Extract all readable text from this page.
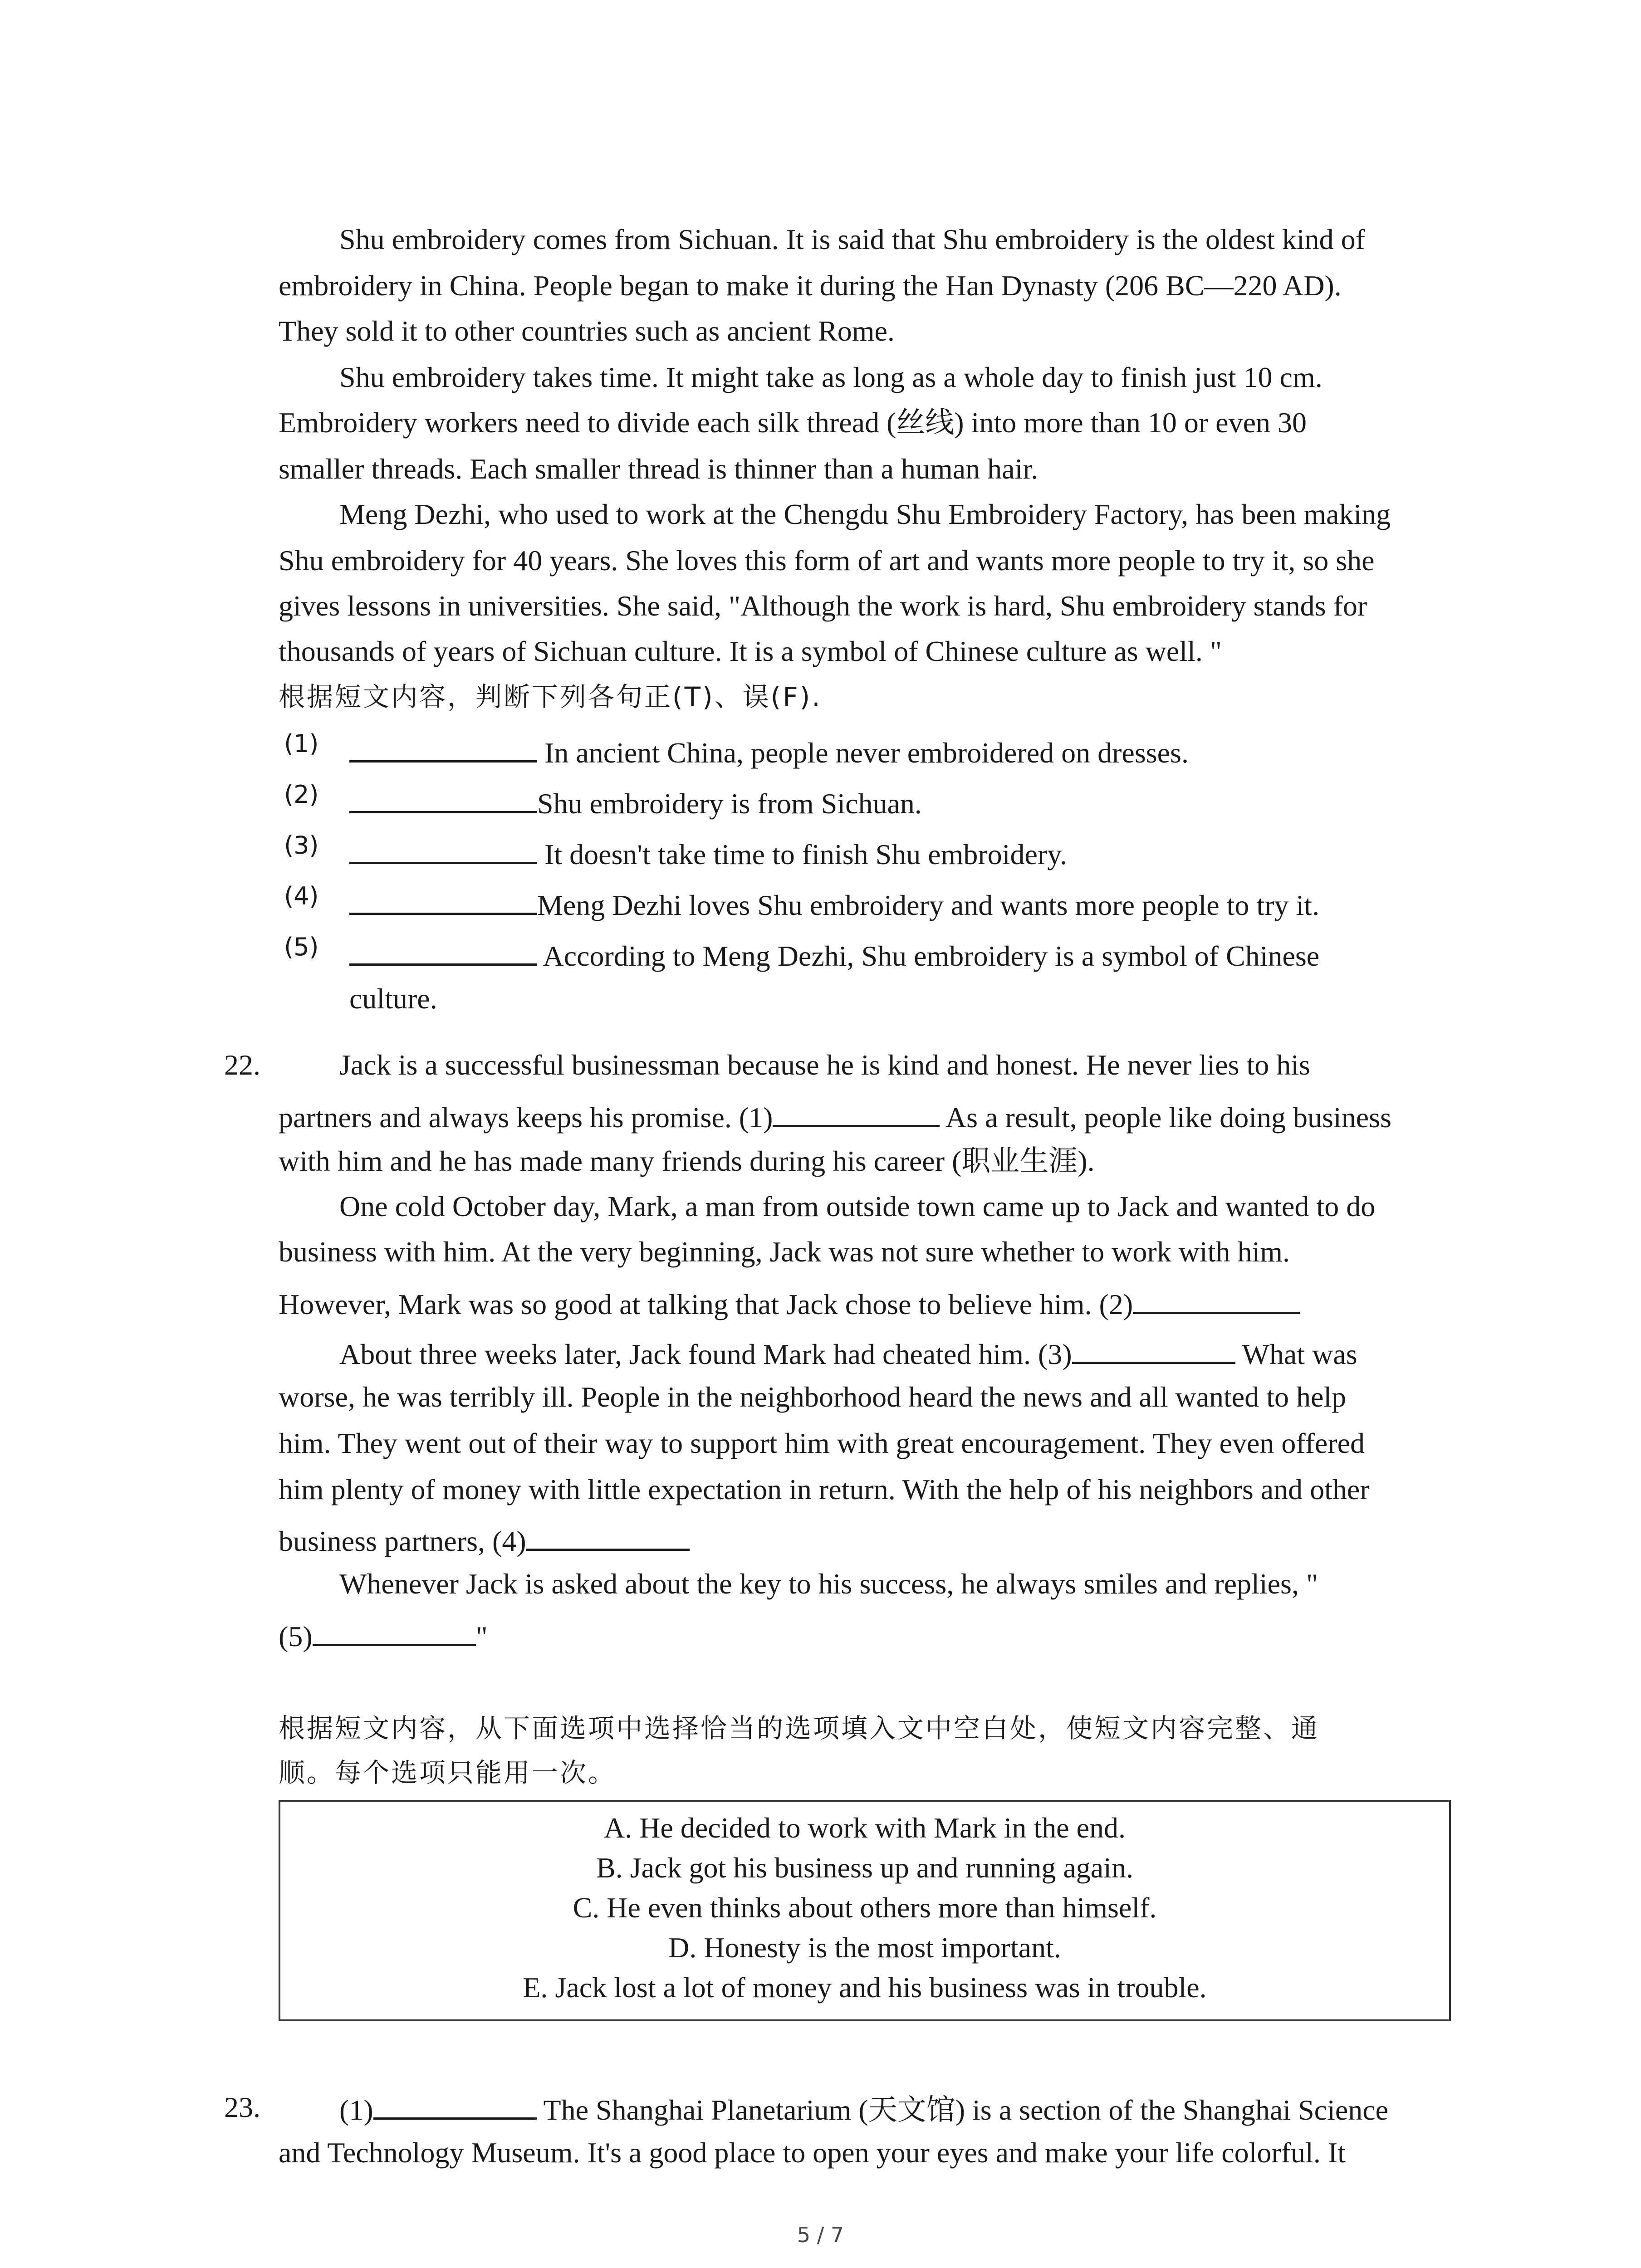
Shu embroidery comes from Sichuan. It is said that Shu embroidery is the oldest kind of
embroidery in China. People began to make it during the Han Dynasty (206 BC—220 AD).
They sold it to other countries such as ancient Rome.
Shu embroidery takes time. It might take as long as a whole day to finish just 10 cm.
Embroidery workers need to divide each silk thread (丝线) into more than 10 or even 30
smaller threads. Each smaller thread is thinner than a human hair.
Meng Dezhi, who used to work at the Chengdu Shu Embroidery Factory, has been making
Shu embroidery for 40 years. She loves this form of art and wants more people to try it, so she
gives lessons in universities. She said, "Although the work is hard, Shu embroidery stands for
thousands of years of Sichuan culture. It is a symbol of Chinese culture as well. "
根据短文内容，判断下列各句正(T)、误(F).
(1)	In ancient China, people never embroidered on dresses.
(2)	Shu embroidery is from Sichuan.
(3)	It doesn't take time to finish Shu embroidery.
(4)	Meng Dezhi loves Shu embroidery and wants more people to try it.
(5)	According to Meng Dezhi, Shu embroidery is a symbol of Chinese
culture.
22.	Jack is a successful businessman because he is kind and honest. He never lies to his
partners and always keeps his promise. (1)	As a result, people like doing business
with him and he has made many friends during his career (职业生涯).
One cold October day, Mark, a man from outside town came up to Jack and wanted to do
business with him. At the very beginning, Jack was not sure whether to work with him.
However, Mark was so good at talking that Jack chose to believe him. (2)
About three weeks later, Jack found Mark had cheated him. (3)	What was
worse, he was terribly ill. People in the neighborhood heard the news and all wanted to help
him. They went out of their way to support him with great encouragement. They even offered
him plenty of money with little expectation in return. With the help of his neighbors and other
business partners, (4)
Whenever Jack is asked about the key to his success, he always smiles and replies, "
(5)	"
根据短文内容，从下面选项中选择恰当的选项填入文中空白处，使短文内容完整、通
顺。每个选项只能用一次。
A. He decided to work with Mark in the end.
B. Jack got his business up and running again.
C. He even thinks about others more than himself.
D. Honesty is the most important.
E. Jack lost a lot of money and his business was in trouble.
23.	(1)	The Shanghai Planetarium (天文馆) is a section of the Shanghai Science
and Technology Museum. It's a good place to open your eyes and make your life colorful. It
5 / 7
